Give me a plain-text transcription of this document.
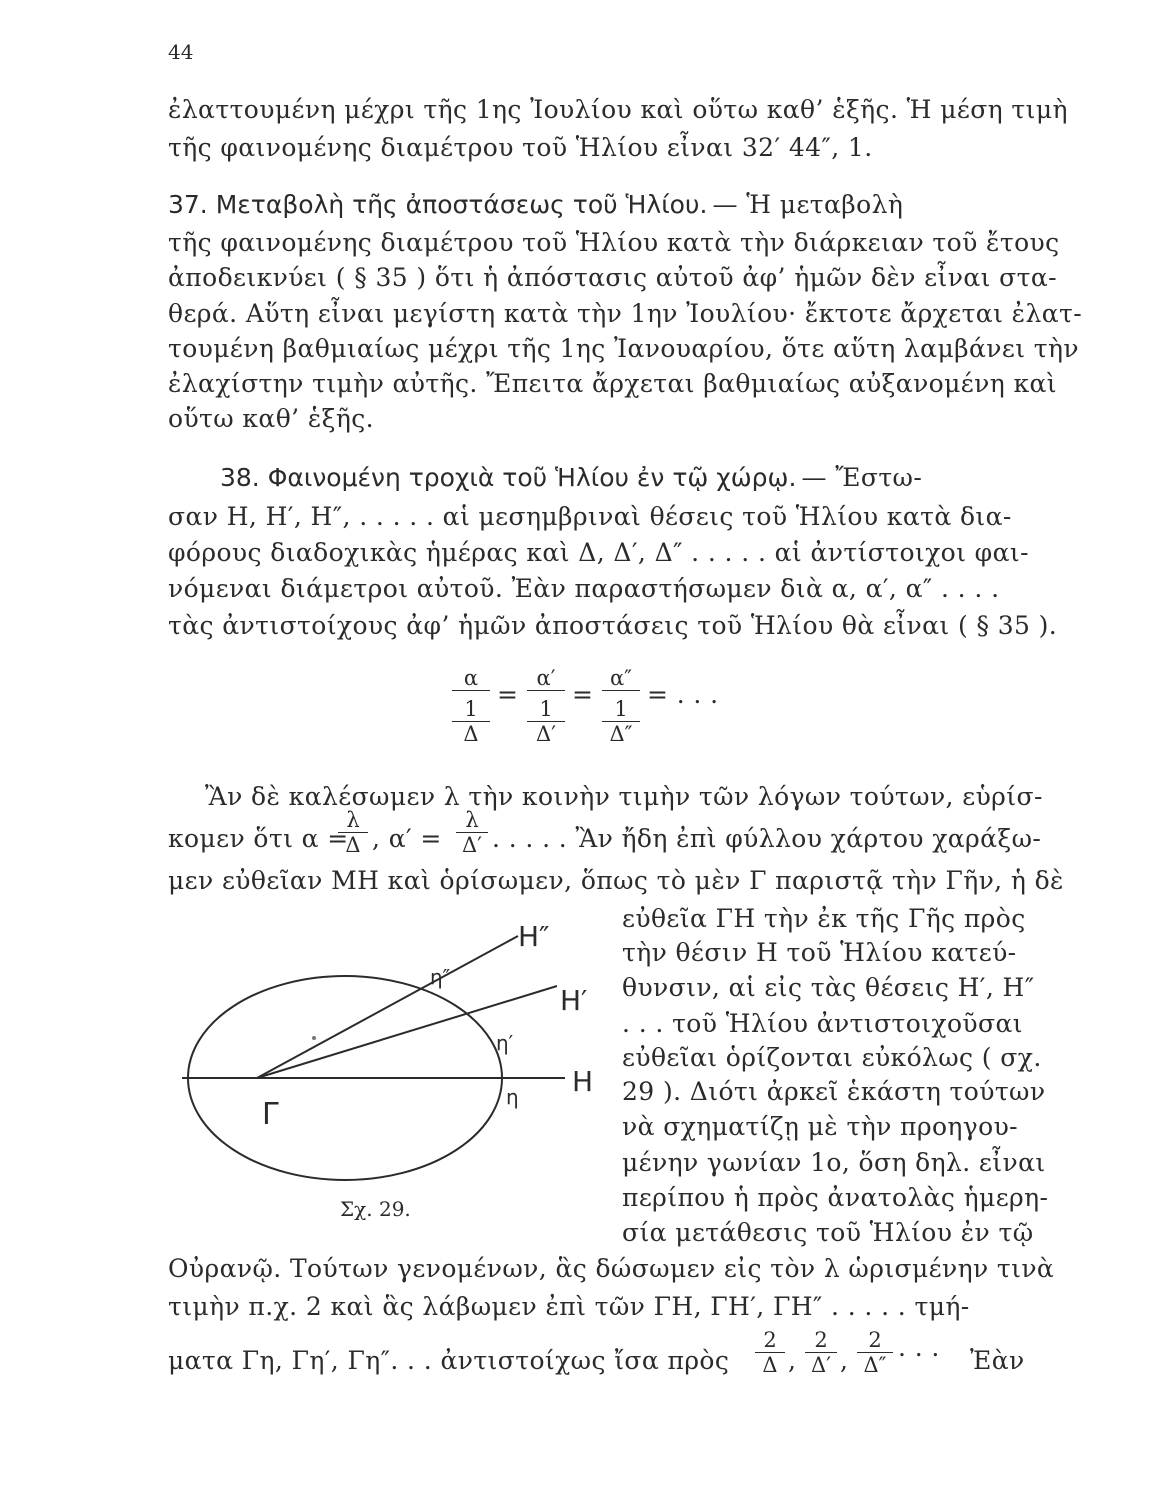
44
ἐλαττουμένη μέχρι τῆς 1ης Ἰουλίου καὶ οὕτω καθ’ ἑξῆς. Ἡ μέση τιμὴ
τῆς φαινομένης διαμέτρου τοῦ Ἡλίου εἶναι 32′ 44″, 1.
37. Μεταβολὴ τῆς ἀποστάσεως τοῦ Ἡλίου. — Ἡ μεταβολὴ
τῆς φαινομένης διαμέτρου τοῦ Ἡλίου κατὰ τὴν διάρκειαν τοῦ ἔτους
ἀποδεικνύει ( § 35 ) ὅτι ἡ ἀπόστασις αὐτοῦ ἀφ’ ἡμῶν δὲν εἶναι στα-
θερά. Αὕτη εἶναι μεγίστη κατὰ τὴν 1ην Ἰουλίου· ἔκτοτε ἄρχεται ἐλατ-
τουμένη βαθμιαίως μέχρι τῆς 1ης Ἰανουαρίου, ὅτε αὕτη λαμβάνει τὴν
ἐλαχίστην τιμὴν αὐτῆς. Ἔπειτα ἄρχεται βαθμιαίως αὐξανομένη καὶ
οὕτω καθ’ ἑξῆς.
38. Φαινομένη τροχιὰ τοῦ Ἡλίου ἐν τῷ χώρῳ. — Ἔστω-
σαν Η, Η′, Η″, . . . . . αἱ μεσημβριναὶ θέσεις τοῦ Ἡλίου κατὰ δια-
φόρους διαδοχικὰς ἡμέρας καὶ Δ, Δ′, Δ″ . . . . . αἱ ἀντίστοιχοι φαι-
νόμεναι διάμετροι αὐτοῦ. Ἐὰν παραστήσωμεν διὰ α, α′, α″ . . . .
τὰς ἀντιστοίχους ἀφ’ ἡμῶν ἀποστάσεις τοῦ Ἡλίου θὰ εἶναι ( § 35 ).
α
$\frac{1}{\Delta}$
=
α′
$\frac{1}{\Delta'}$
=
α″
$\frac{1}{\Delta''}$
= . . .
Ἂν δὲ καλέσωμεν λ τὴν κοινὴν τιμὴν τῶν λόγων τούτων, εὑρίσ-
κομεν ὅτι α =
$\frac{\lambda}{\Delta}$ , $\alpha' = \frac{\lambda}{\Delta'}$ . . . . . Ἂν ἤδη ἐπὶ φύλλου χάρτου χαράξω-
μεν εὐθεῖαν ΜΗ καὶ ὁρίσωμεν, ὅπως τὸ μὲν Γ παριστᾷ τὴν Γῆν, ἡ δὲ
εὐθεῖα ΓΗ τὴν ἐκ τῆς Γῆς πρὸς
τὴν θέσιν Η τοῦ Ἡλίου κατεύ-
θυνσιν, αἱ εἰς τὰς θέσεις Η′, Η″
. . . τοῦ Ἡλίου ἀντιστοιχοῦσαι
εὐθεῖαι ὁρίζονται εὐκόλως ( σχ.
29 ). Διότι ἀρκεῖ ἑκάστη τούτων
νὰ σχηματίζῃ μὲ τὴν προηγου-
μένην γωνίαν 1ο, ὅση δηλ. εἶναι
περίπου ἡ πρὸς ἀνατολὰς ἡμερη-
σία μετάθεσις τοῦ Ἡλίου ἐν τῷ
Γ
Η
Η′
Η″
η
η′
η″
Σχ. 29.
Οὐρανῷ. Τούτων γενομένων, ἃς δώσωμεν εἰς τὸν λ ὡρισμένην τινὰ
τιμὴν π.χ. 2 καὶ ἃς λάβωμεν ἐπὶ τῶν ΓΗ, ΓΗ′, ΓΗ″ . . . . . τμή-
ματα Γη, Γη′, Γη″. . . ἀντιστοίχως ἴσα πρὸς $\frac{2}{\Delta}$ , $\frac{2}{\Delta'}$ , $\frac{2}{\Delta''}$ . . . Ἐὰν
